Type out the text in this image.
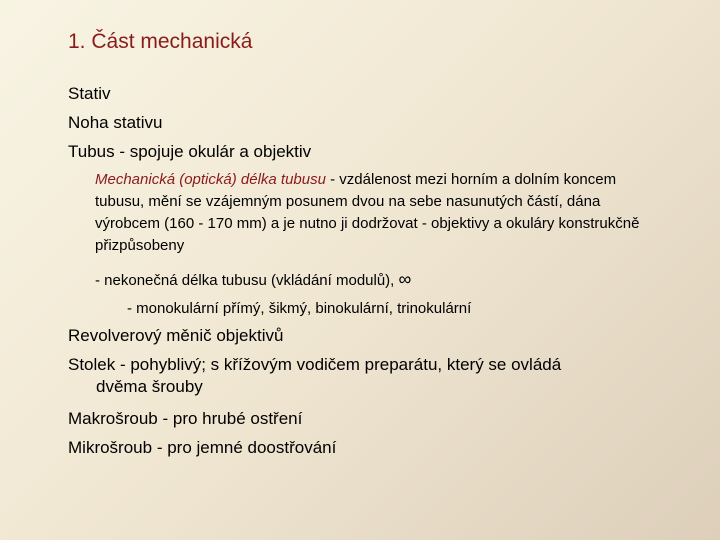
1. Část mechanická
Stativ
Noha stativu
Tubus - spojuje okulár a objektiv
Mechanická (optická) délka tubusu - vzdálenost mezi horním a dolním koncem tubusu, mění se vzájemným posunem dvou na sebe nasunutých částí, dána výrobcem (160 - 170 mm) a je nutno ji dodržovat - objektivy a okuláry konstrukčně přizpůsobeny
- nekonečná délka tubusu (vkládání modulů), ∞
- monokulární přímý, šikmý, binokulární, trinokulární
Revolverový měnič objektivů
Stolek - pohyblivý; s křížovým vodičem preparátu, který se ovládá
dvěma šrouby
Makrošroub - pro hrubé ostření
Mikrošroub - pro jemné doostřování
